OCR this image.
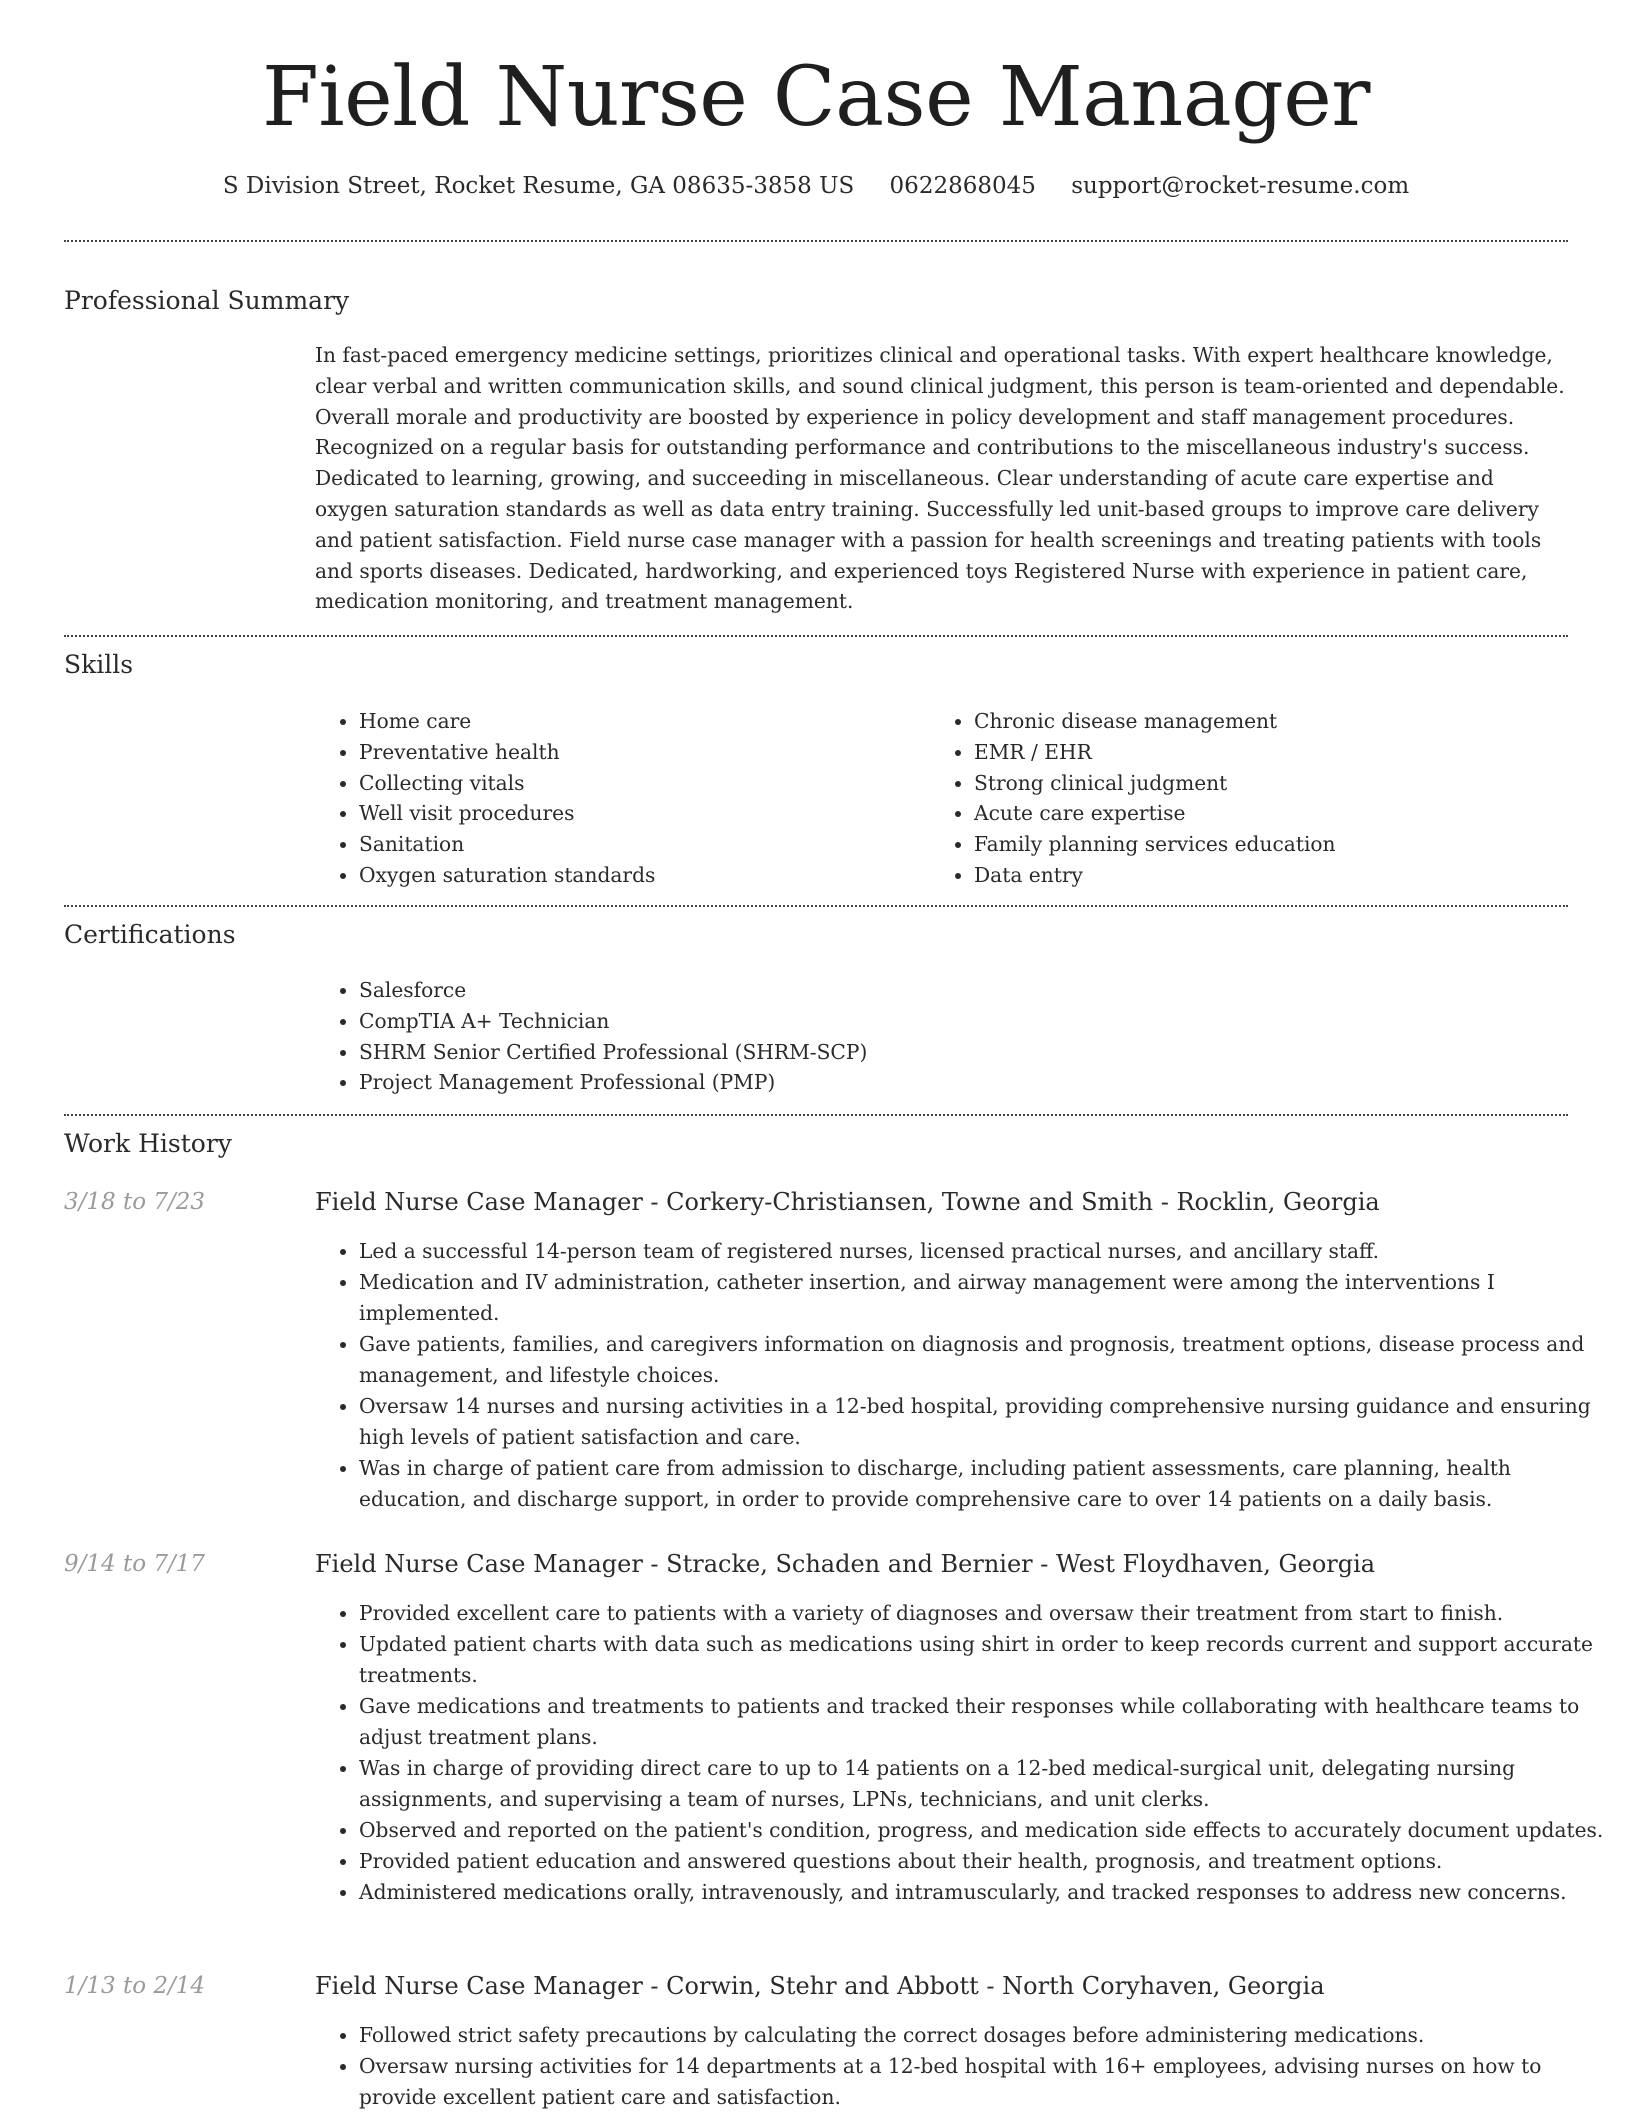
Field Nurse Case Manager
S Division Street, Rocket Resume, GA 08635-3858 US 0622868045 support@rocket-resume.com
Professional Summary

In fast-paced emergency medicine settings, prioritizes clinical and operational tasks. With expert healthcare knowledge, clear verbal and written communication skills, and sound clinical judgment, this person is team-oriented and dependable. Overall morale and productivity are boosted by experience in policy development and staff management procedures. Recognized on a regular basis for outstanding performance and contributions to the miscellaneous industry's success. Dedicated to learning, growing, and succeeding in miscellaneous. Clear understanding of acute care expertise and oxygen saturation standards as well as data entry training. Successfully led unit-based groups to improve care delivery and patient satisfaction. Field nurse case manager with a passion for health screenings and treating patients with tools and sports diseases. Dedicated, hardworking, and experienced toys Registered Nurse with experience in patient care, medication monitoring, and treatment management.

Skills
• Home care
• Preventative health
• Collecting vitals
• Well visit procedures
• Sanitation
• Oxygen saturation standards
• Chronic disease management
• EMR / EHR
• Strong clinical judgment
• Acute care expertise
• Family planning services education
• Data entry
Certifications
• Salesforce
• CompTIA A+ Technician
• SHRM Senior Certified Professional (SHRM-SCP)
• Project Management Professional (PMP)
Work History
3/18 to 7/23	Field Nurse Case Manager - Corkery-Christiansen, Towne and Smith - Rocklin, Georgia
• Led a successful 14-person team of registered nurses, licensed practical nurses, and ancillary staff.
• Medication and IV administration, catheter insertion, and airway management were among the interventions I implemented.
• Gave patients, families, and caregivers information on diagnosis and prognosis, treatment options, disease process and management, and lifestyle choices.
• Oversaw 14 nurses and nursing activities in a 12-bed hospital, providing comprehensive nursing guidance and ensuring high levels of patient satisfaction and care.
• Was in charge of patient care from admission to discharge, including patient assessments, care planning, health education, and discharge support, in order to provide comprehensive care to over 14 patients on a daily basis.
9/14 to 7/17	Field Nurse Case Manager - Stracke, Schaden and Bernier - West Floydhaven, Georgia
• Provided excellent care to patients with a variety of diagnoses and oversaw their treatment from start to finish.
• Updated patient charts with data such as medications using shirt in order to keep records current and support accurate treatments.
• Gave medications and treatments to patients and tracked their responses while collaborating with healthcare teams to adjust treatment plans.
• Was in charge of providing direct care to up to 14 patients on a 12-bed medical-surgical unit, delegating nursing assignments, and supervising a team of nurses, LPNs, technicians, and unit clerks.
• Observed and reported on the patient's condition, progress, and medication side effects to accurately document updates.
• Provided patient education and answered questions about their health, prognosis, and treatment options.
• Administered medications orally, intravenously, and intramuscularly, and tracked responses to address new concerns.
1/13 to 2/14	Field Nurse Case Manager - Corwin, Stehr and Abbott - North Coryhaven, Georgia
• Followed strict safety precautions by calculating the correct dosages before administering medications.
• Oversaw nursing activities for 14 departments at a 12-bed hospital with 16+ employees, advising nurses on how to provide excellent patient care and satisfaction.
